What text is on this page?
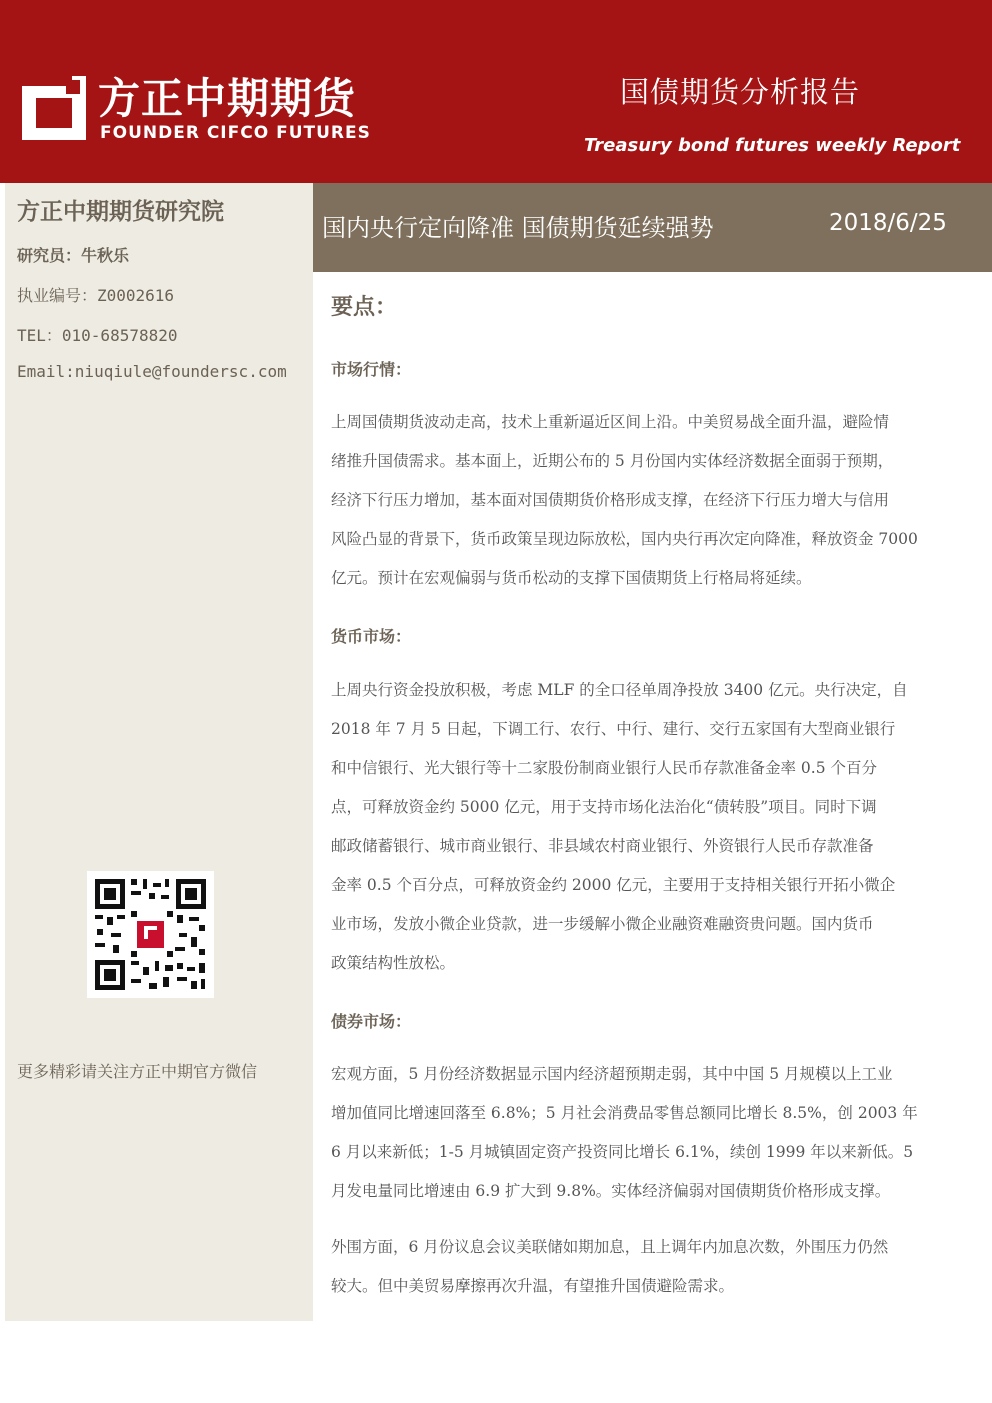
方正中期期货
FOUNDER CIFCO FUTURES
国债期货分析报告
Treasury bond futures weekly Report
方正中期期货研究院
研究员：牛秋乐
执业编号：Z0002616
TEL：010-68578820
Email:niuqiule@foundersc.com
更多精彩请关注方正中期官方微信
国内央行定向降准 国债期货延续强势	2018/6/25
要点：
市场行情：
上周国债期货波动走高，技术上重新逼近区间上沿。中美贸易战全面升温，避险情
绪推升国债需求。基本面上，近期公布的 5 月份国内实体经济数据全面弱于预期，
经济下行压力增加，基本面对国债期货价格形成支撑，在经济下行压力增大与信用
风险凸显的背景下，货币政策呈现边际放松，国内央行再次定向降准，释放资金 7000
亿元。预计在宏观偏弱与货币松动的支撑下国债期货上行格局将延续。
货币市场：
上周央行资金投放积极，考虑 MLF 的全口径单周净投放 3400 亿元。央行决定，自
2018 年 7 月 5 日起，下调工行、农行、中行、建行、交行五家国有大型商业银行
和中信银行、光大银行等十二家股份制商业银行人民币存款准备金率 0.5 个百分
点，可释放资金约 5000 亿元，用于支持市场化法治化“债转股”项目。同时下调
邮政储蓄银行、城市商业银行、非县域农村商业银行、外资银行人民币存款准备
金率 0.5 个百分点，可释放资金约 2000 亿元，主要用于支持相关银行开拓小微企
业市场，发放小微企业贷款，进一步缓解小微企业融资难融资贵问题。国内货币
政策结构性放松。
债券市场：
宏观方面，5 月份经济数据显示国内经济超预期走弱，其中中国 5 月规模以上工业
增加值同比增速回落至 6.8%；5 月社会消费品零售总额同比增长 8.5%，创 2003 年
6 月以来新低；1-5 月城镇固定资产投资同比增长 6.1%，续创 1999 年以来新低。5
月发电量同比增速由 6.9 扩大到 9.8%。实体经济偏弱对国债期货价格形成支撑。
外围方面，6 月份议息会议美联储如期加息，且上调年内加息次数，外围压力仍然
较大。但中美贸易摩擦再次升温，有望推升国债避险需求。
